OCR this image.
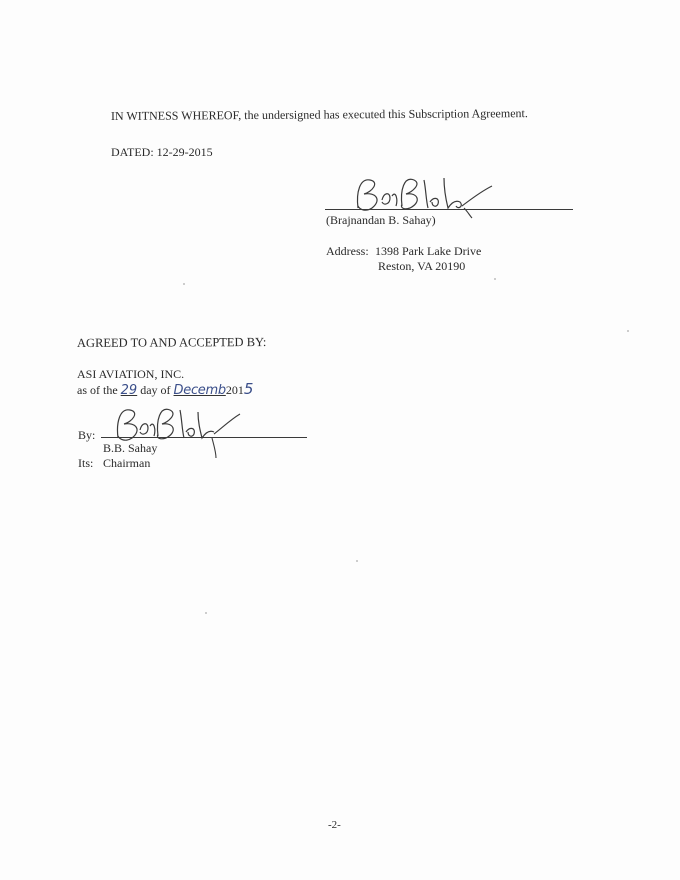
IN WITNESS WHEREOF, the undersigned has executed this Subscription Agreement.
DATED: 12-29-2015
(Brajnandan B. Sahay)
Address: 1398 Park Lake Drive
Reston, VA 20190
AGREED TO AND ACCEPTED BY:
ASI AVIATION, INC.
as of the 29 day of Decemb2015
By:
B.B. Sahay
Its: Chairman
-2-
